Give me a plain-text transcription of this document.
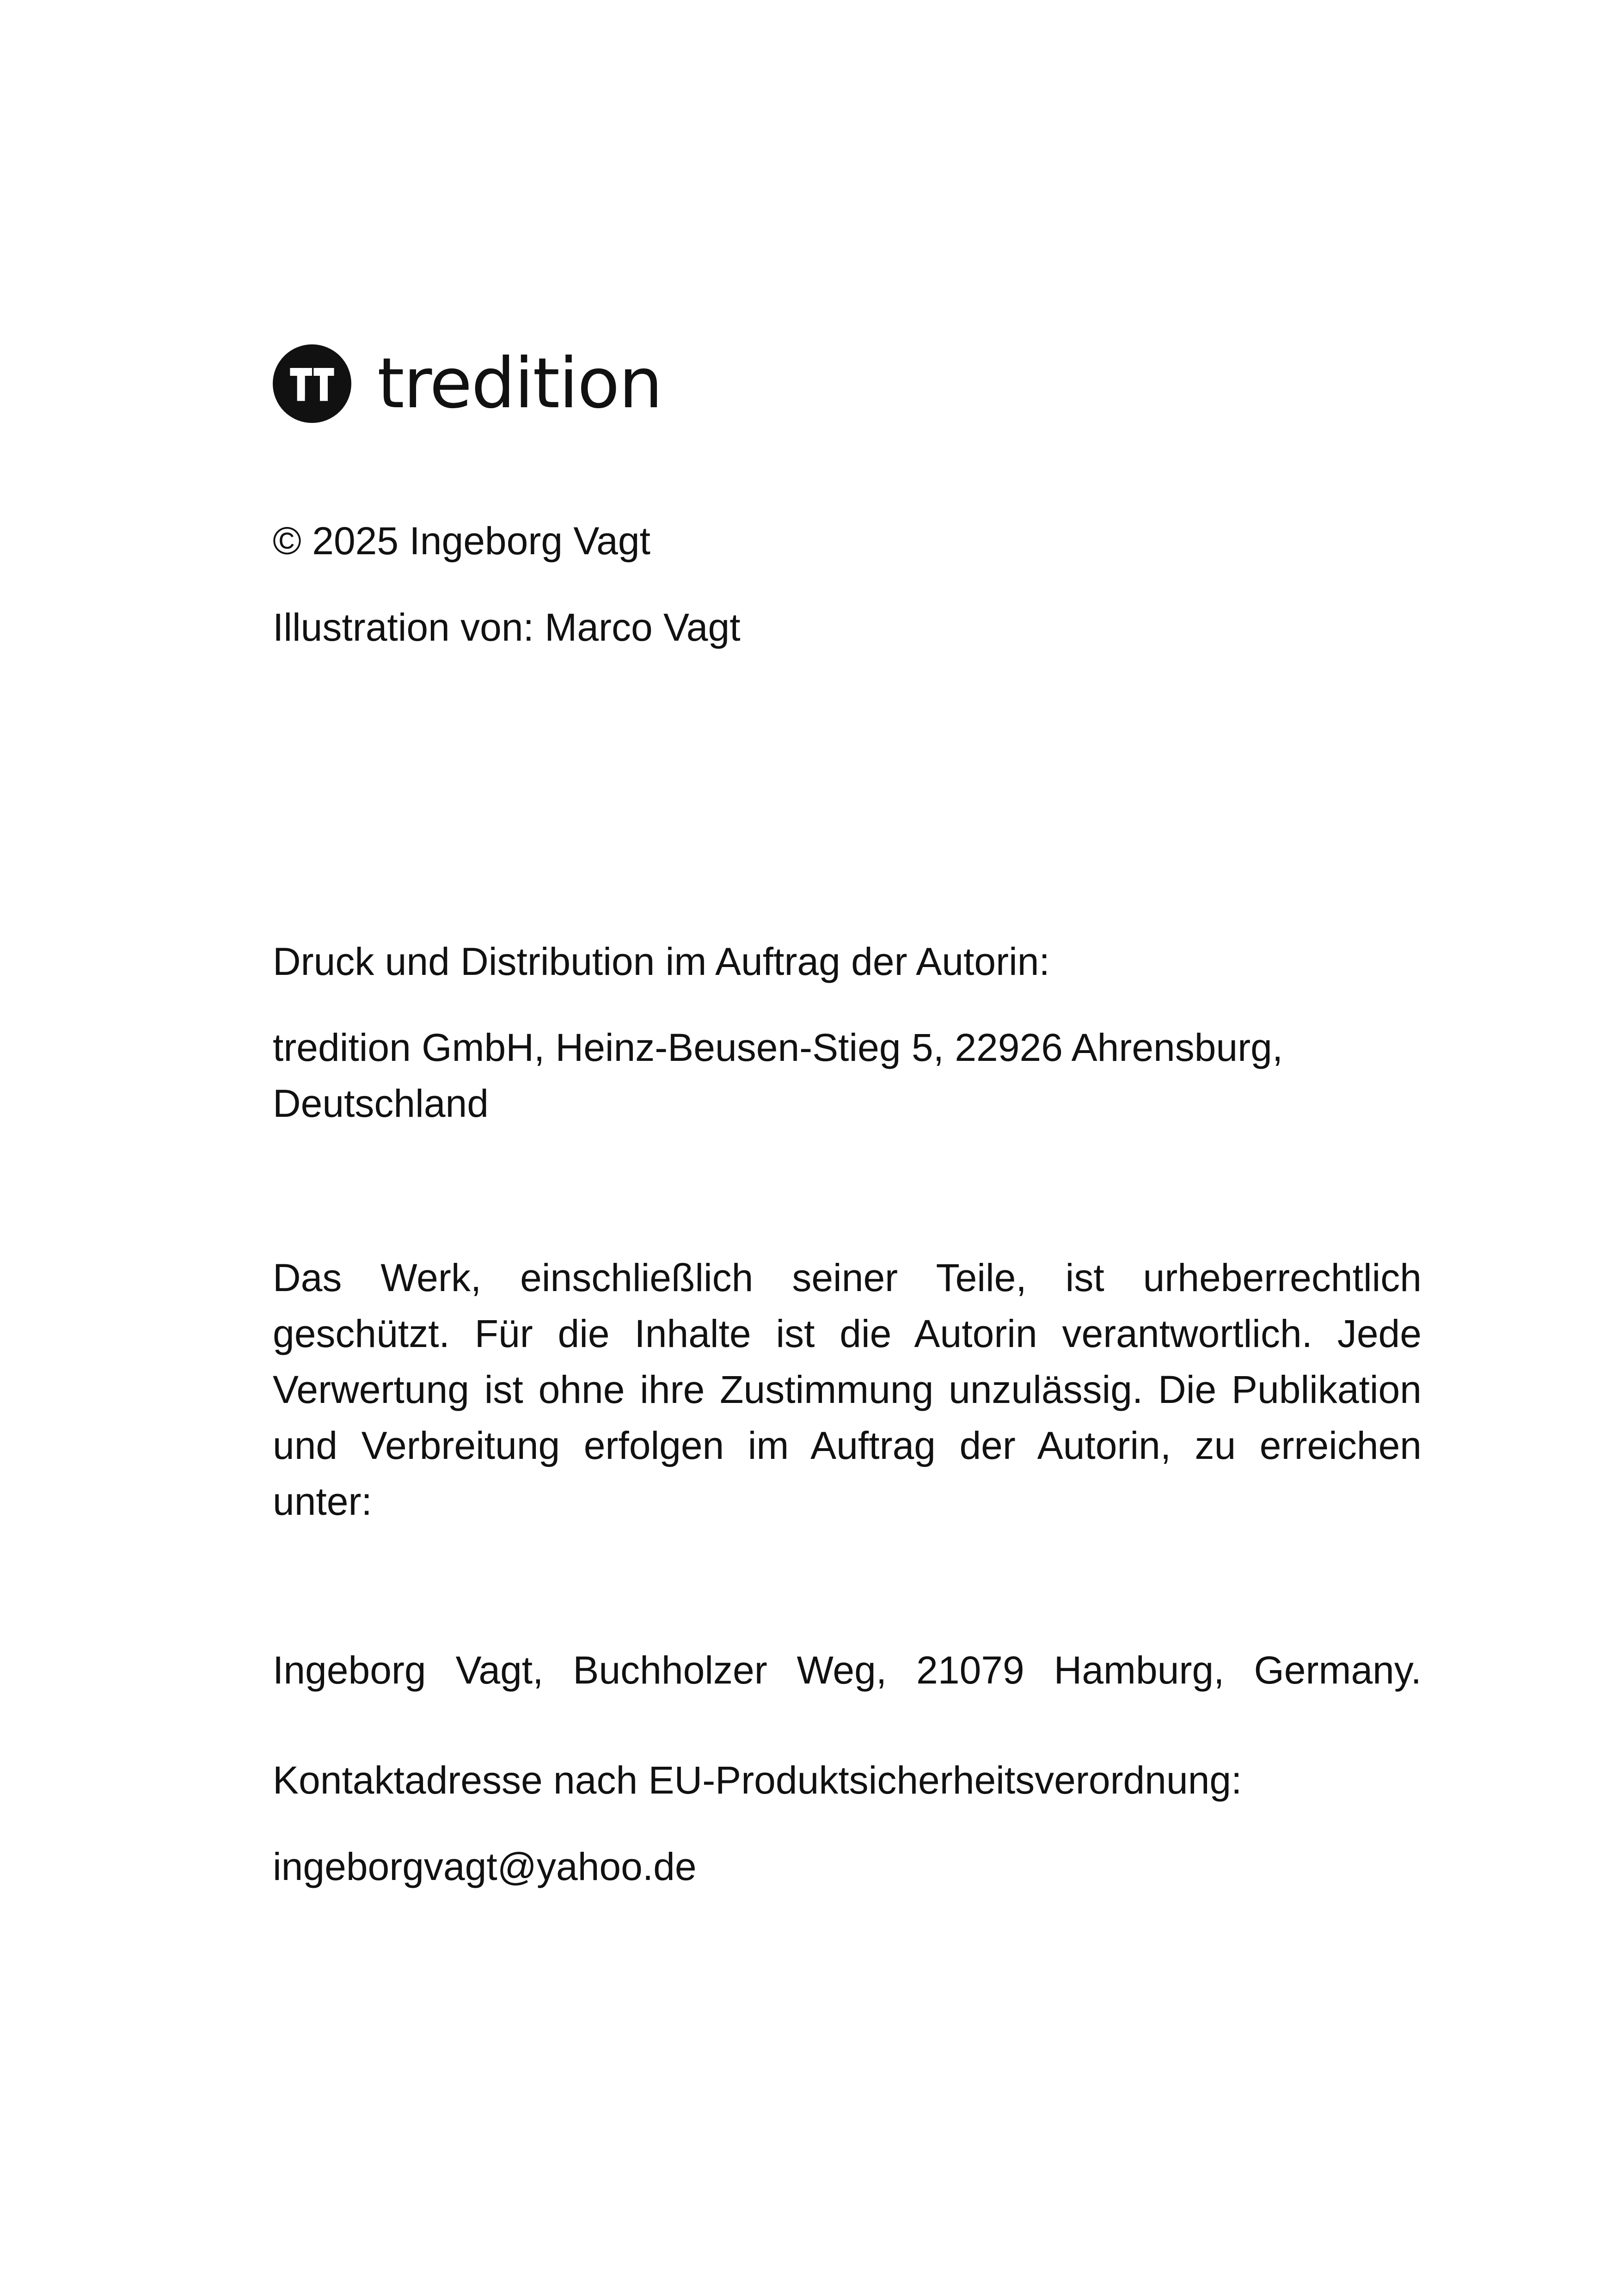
tredition
© 2025 Ingeborg Vagt
Illustration von: Marco Vagt
Druck und Distribution im Auftrag der Autorin:
tredition GmbH, Heinz-Beusen-Stieg 5, 22926 Ahrensburg, Deutschland
Das Werk, einschließlich seiner Teile, ist urheberrechtlich geschützt. Für die Inhalte ist die Autorin verantwortlich. Jede Verwertung ist ohne ihre Zustimmung unzulässig. Die Publikation und Verbreitung erfolgen im Auftrag der Autorin, zu erreichen unter:
Ingeborg Vagt, Buchholzer Weg, 21079 Hamburg, Germany.
Kontaktadresse nach EU-Produktsicherheitsverordnung:
ingeborgvagt@yahoo.de
